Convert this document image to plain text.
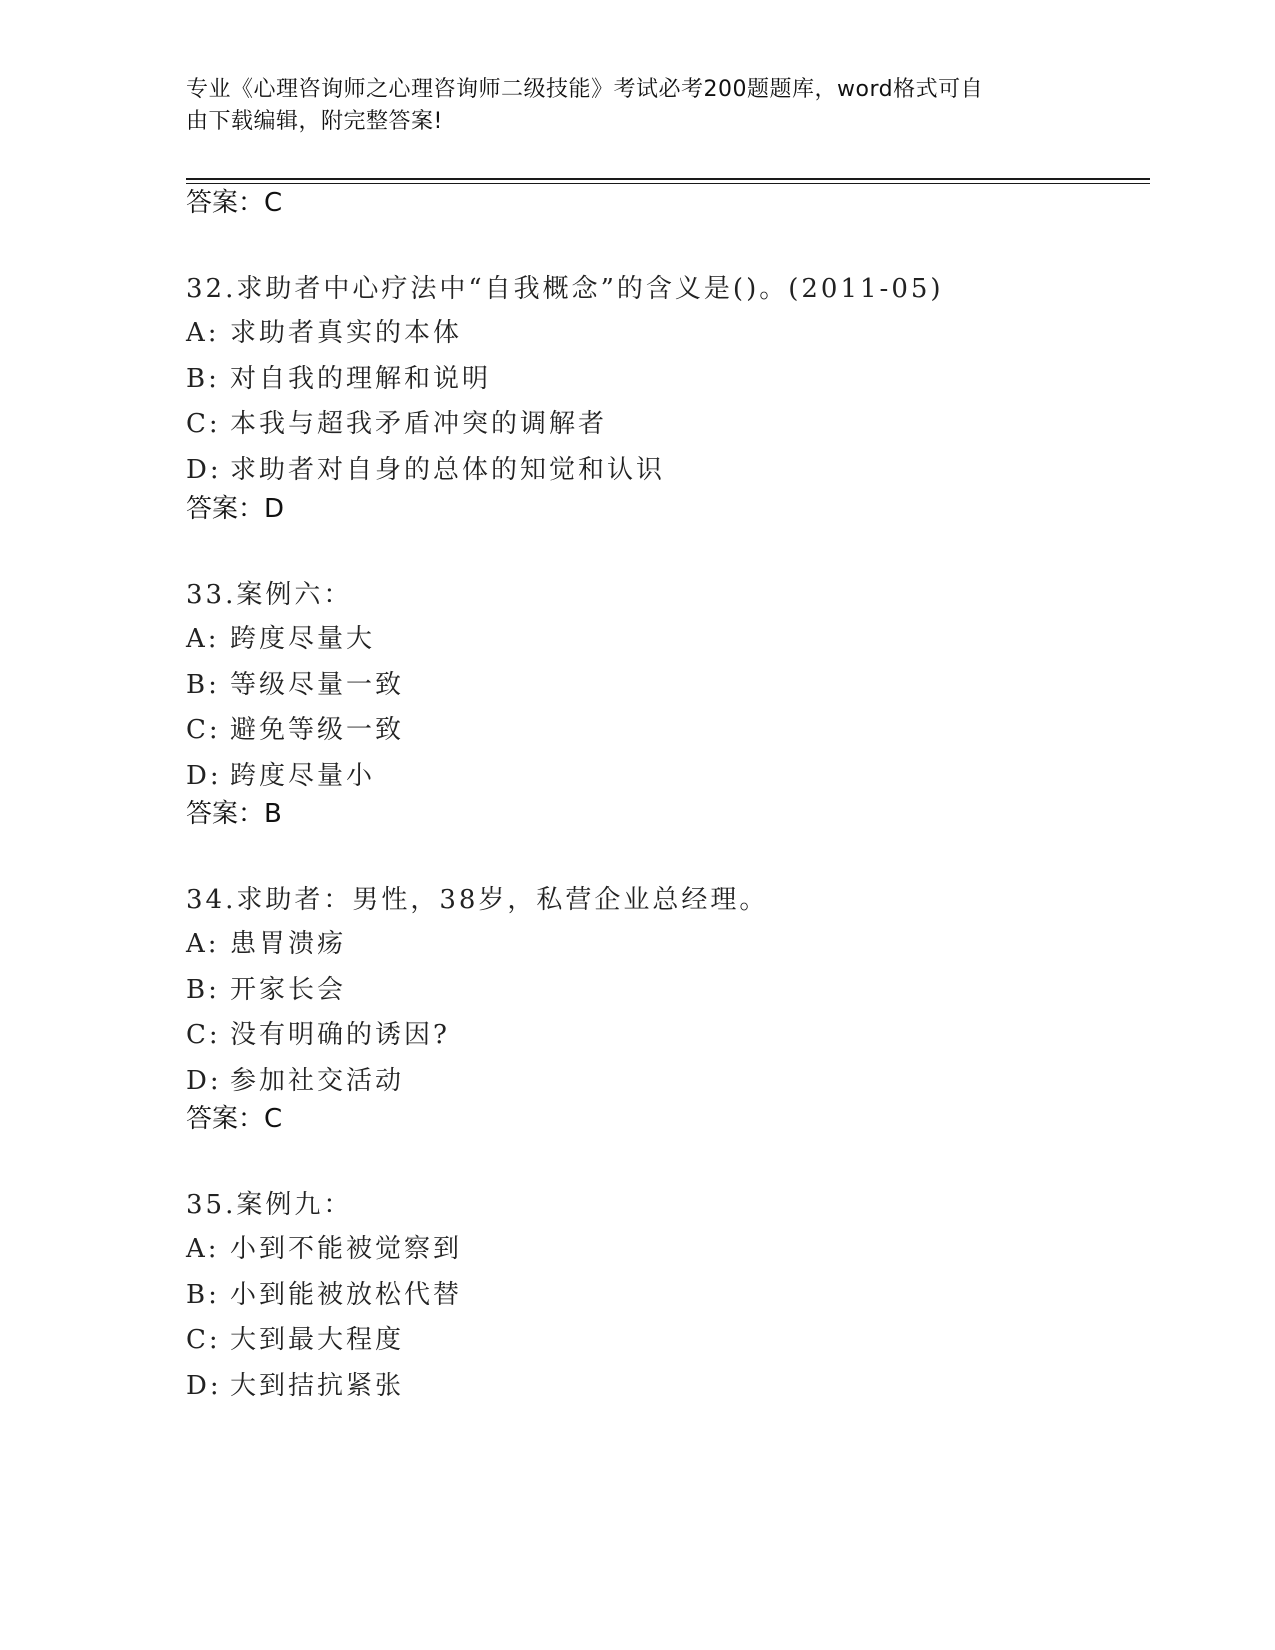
专业《心理咨询师之心理咨询师二级技能》考试必考200题题库，word格式可自
由下载编辑，附完整答案!
答案：C
32.求助者中心疗法中“自我概念”的含义是()。(2011-05)
A: 求助者真实的本体
B: 对自我的理解和说明
C: 本我与超我矛盾冲突的调解者
D: 求助者对自身的总体的知觉和认识
答案：D
33.案例六：
A: 跨度尽量大
B: 等级尽量一致
C: 避免等级一致
D: 跨度尽量小
答案：B
34.求助者：男性，38岁，私营企业总经理。
A: 患胃溃疡
B: 开家长会
C: 没有明确的诱因?
D: 参加社交活动
答案：C
35.案例九：
A: 小到不能被觉察到
B: 小到能被放松代替
C: 大到最大程度
D: 大到拮抗紧张
